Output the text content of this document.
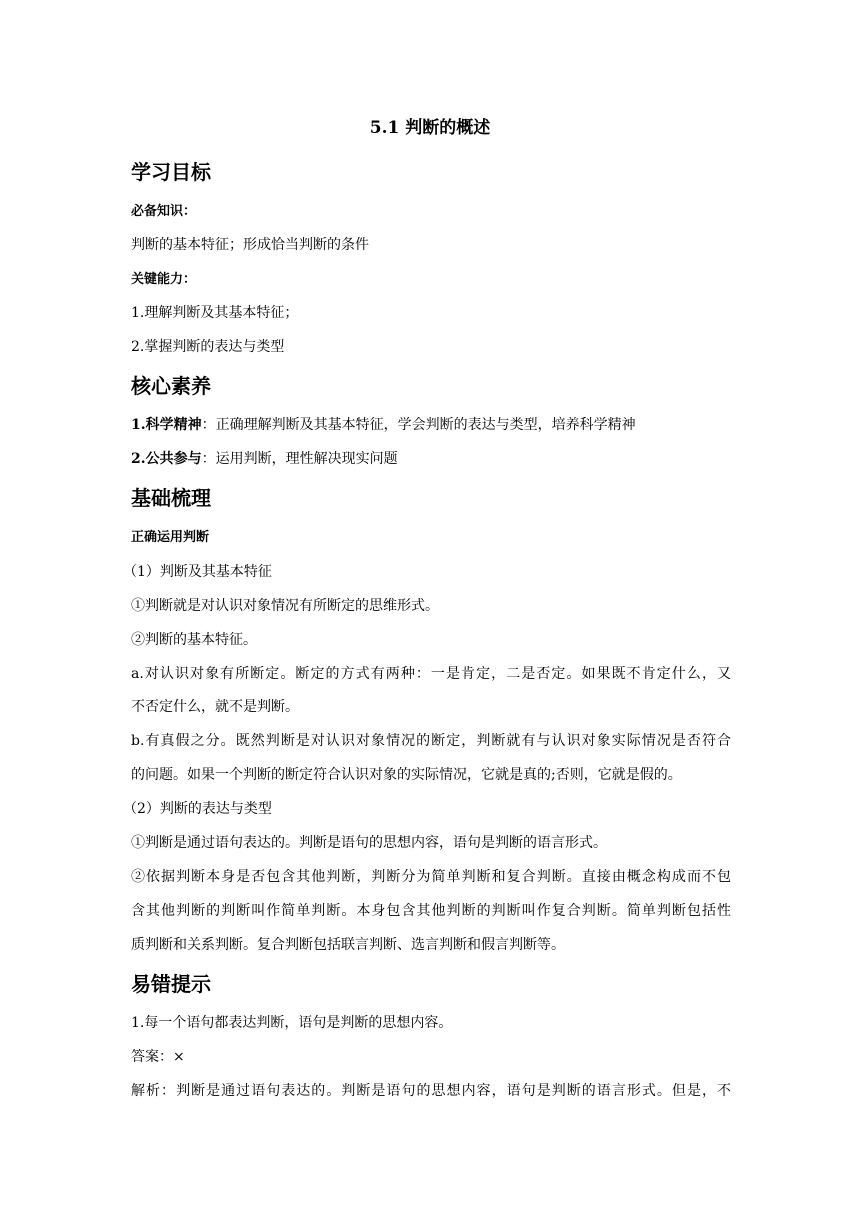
5.1 判断的概述
学习目标
必备知识：
判断的基本特征；形成恰当判断的条件
关键能力：
1.理解判断及其基本特征；
2.掌握判断的表达与类型
核心素养
1.科学精神：正确理解判断及其基本特征，学会判断的表达与类型，培养科学精神
2.公共参与：运用判断，理性解决现实问题
基础梳理
正确运用判断
（1）判断及其基本特征
①判断就是对认识对象情况有所断定的思维形式。
②判断的基本特征。
a.对认识对象有所断定。断定的方式有两种：一是肯定，二是否定。如果既不肯定什么，又
不否定什么，就不是判断。
b.有真假之分。既然判断是对认识对象情况的断定，判断就有与认识对象实际情况是否符合
的问题。如果一个判断的断定符合认识对象的实际情况，它就是真的;否则，它就是假的。
（2）判断的表达与类型
①判断是通过语句表达的。判断是语句的思想内容，语句是判断的语言形式。
②依据判断本身是否包含其他判断，判断分为简单判断和复合判断。直接由概念构成而不包
含其他判断的判断叫作简单判断。本身包含其他判断的判断叫作复合判断。简单判断包括性
质判断和关系判断。复合判断包括联言判断、选言判断和假言判断等。
易错提示
1.每一个语句都表达判断，语句是判断的思想内容。
答案：×
解析：判断是通过语句表达的。判断是语句的思想内容，语句是判断的语言形式。但是，不
